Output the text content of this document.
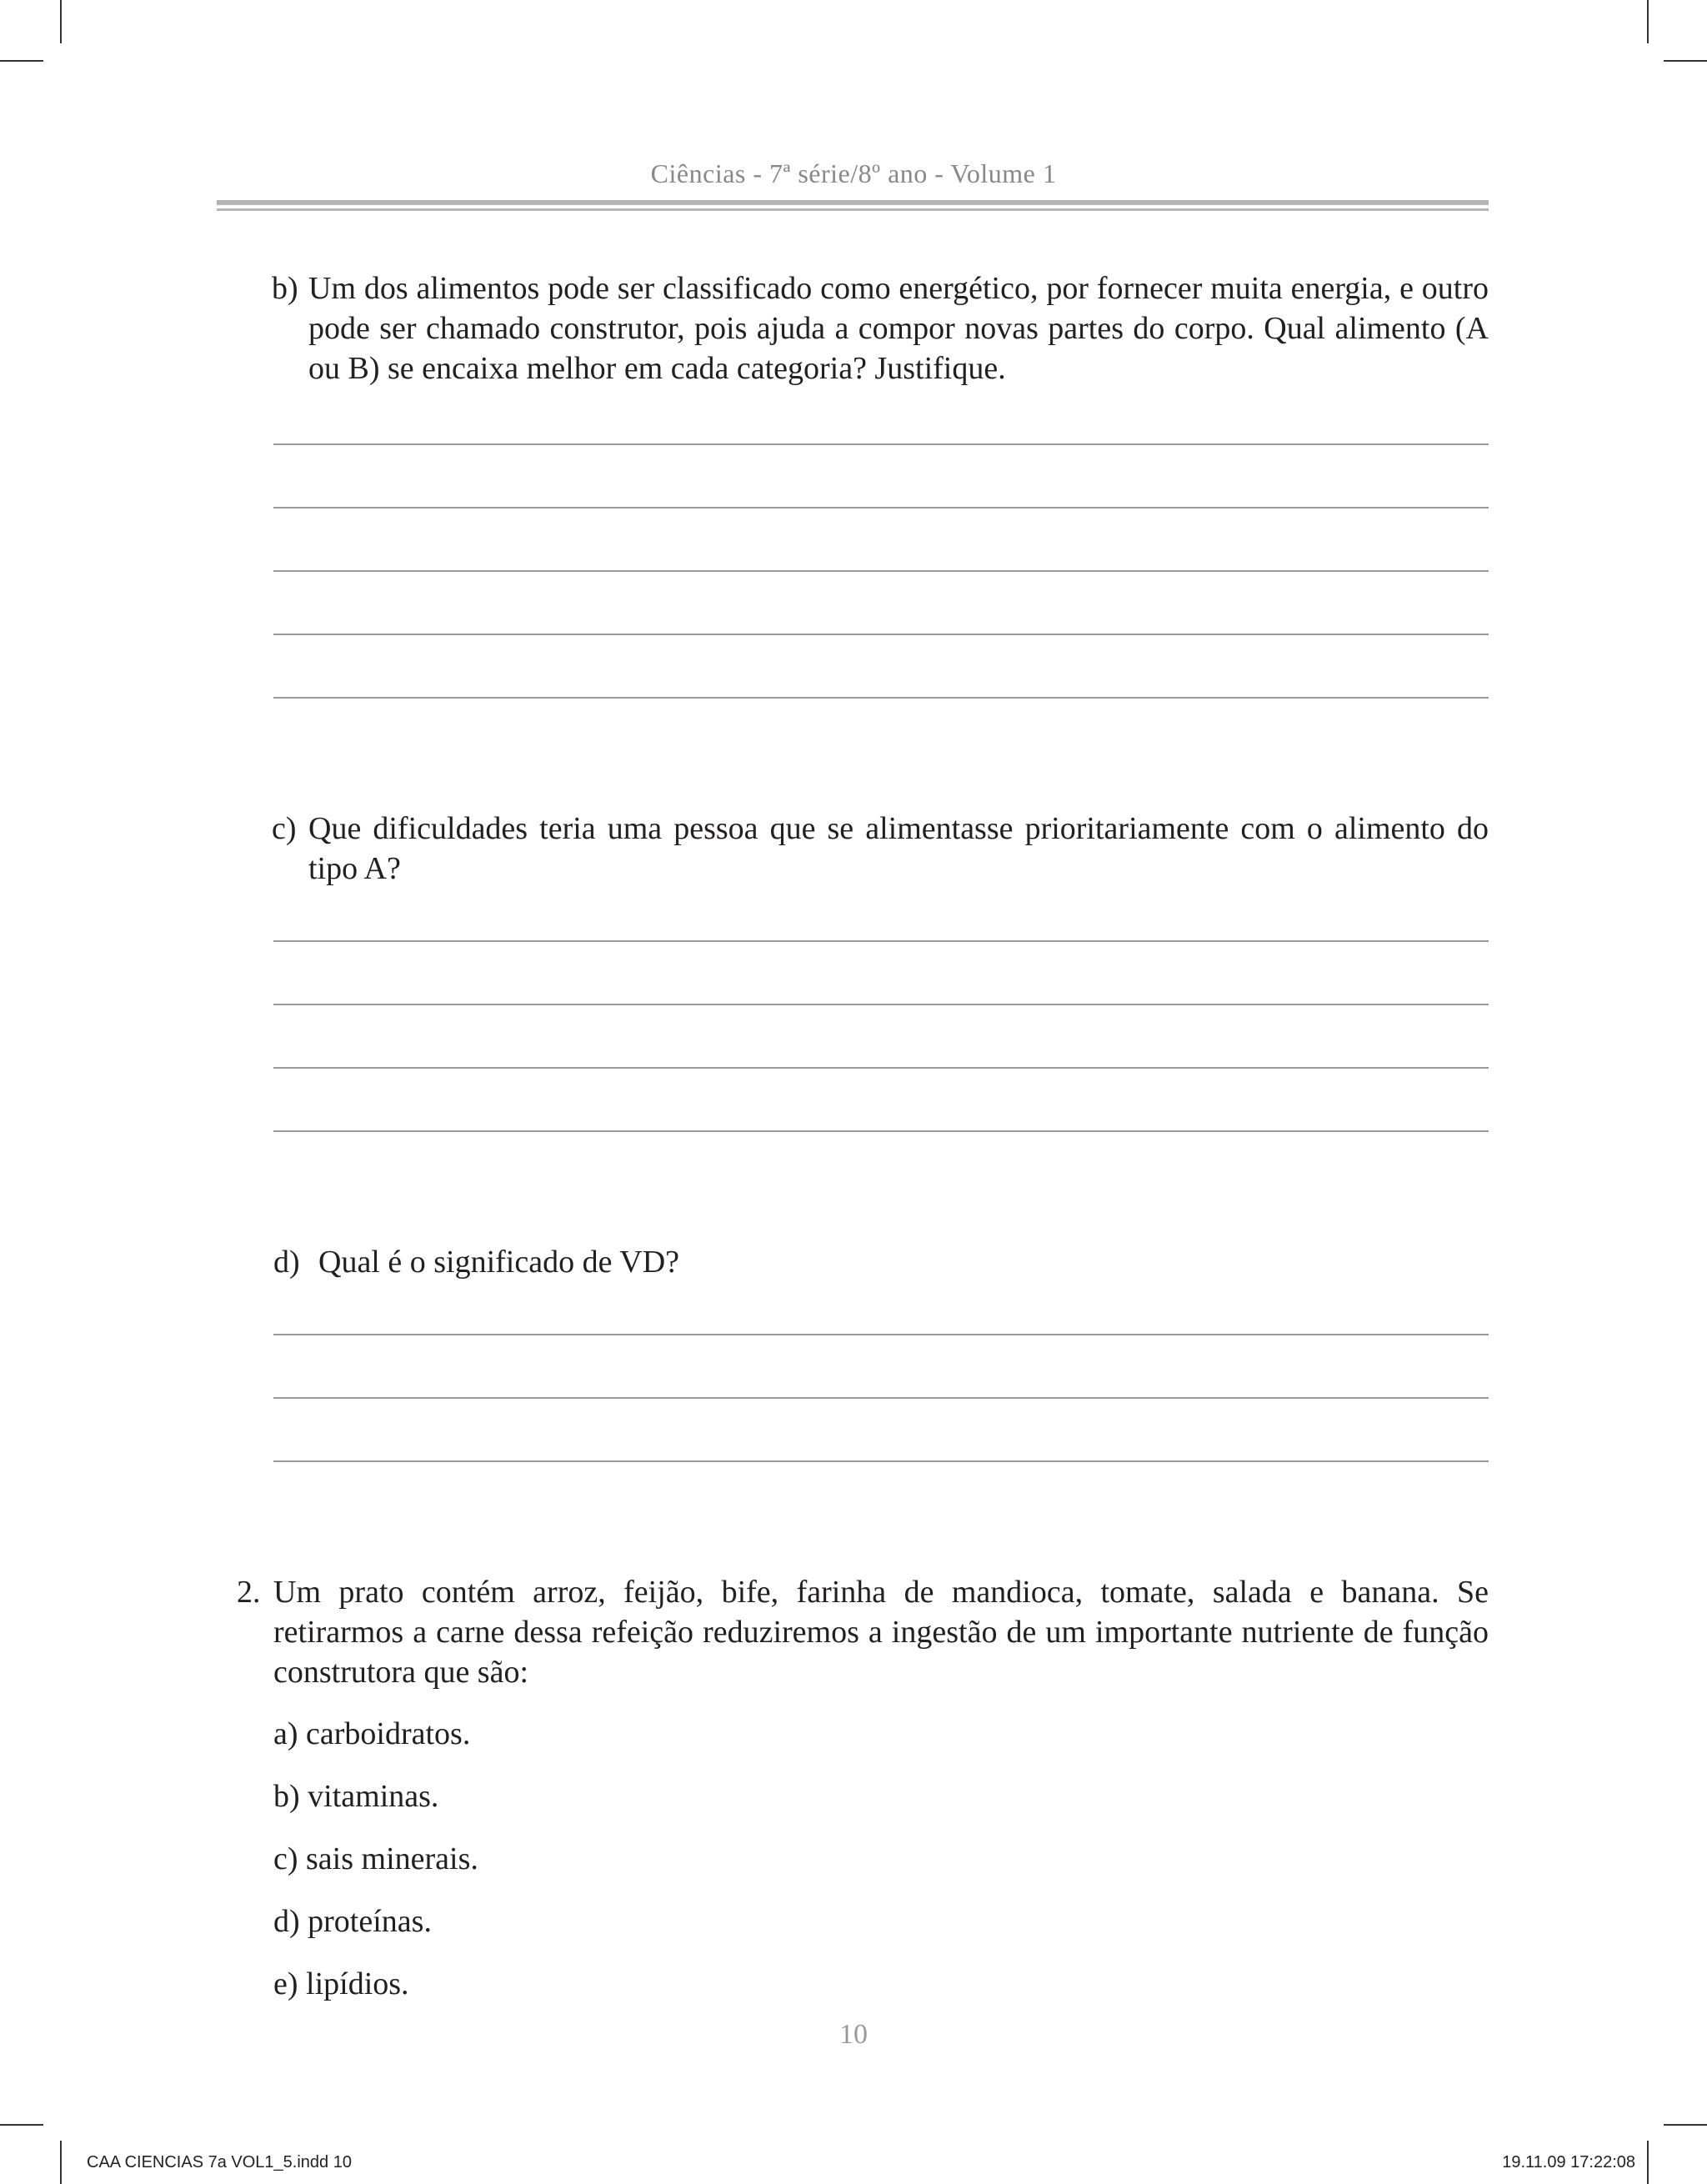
Ciências - 7ª série/8º ano - Volume 1
b) Um dos alimentos pode ser classificado como energético, por fornecer muita energia, e outro pode ser chamado construtor, pois ajuda a compor novas partes do corpo. Qual alimento (A ou B) se encaixa melhor em cada categoria? Justifique.
c) Que dificuldades teria uma pessoa que se alimentasse prioritariamente com o alimento do tipo A?
d) Qual é o significado de VD?
2. Um prato contém arroz, feijão, bife, farinha de mandioca, tomate, salada e banana. Se retirarmos a carne dessa refeição reduziremos a ingestão de um importante nutriente de função construtora que são:
a) carboidratos.
b) vitaminas.
c) sais minerais.
d) proteínas.
e) lipídios.
10
CAA CIENCIAS 7a VOL1_5.indd 10	19.11.09 17:22:08
